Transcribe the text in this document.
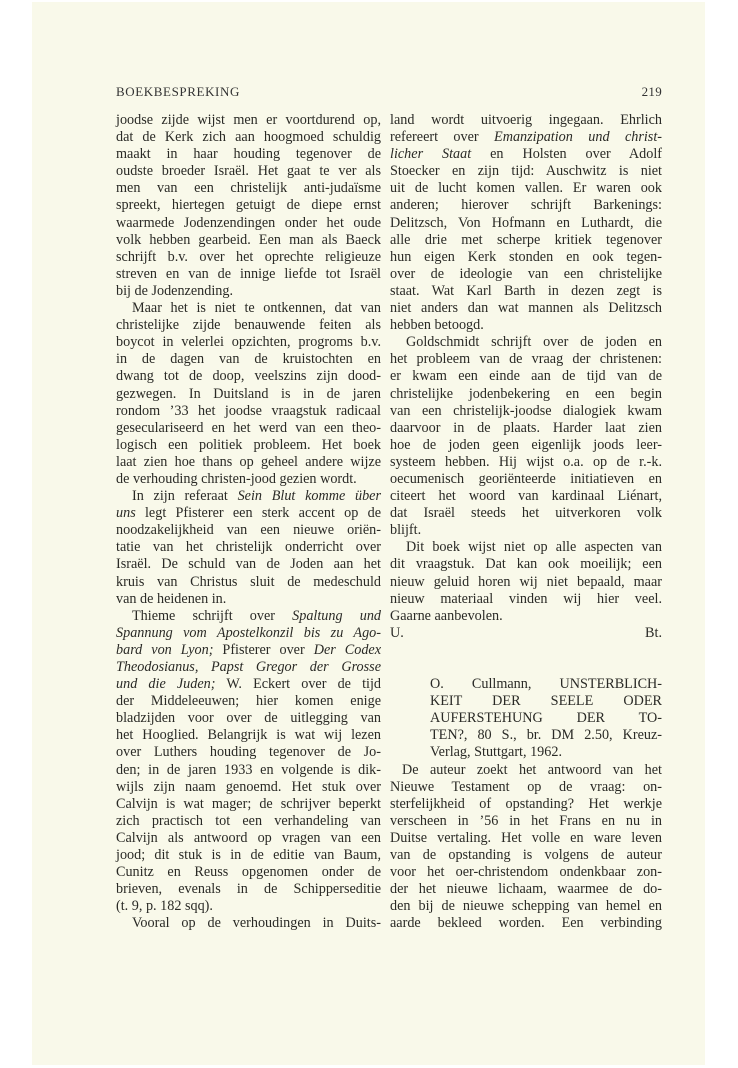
BOEKBESPREKING	219
joodse zijde wijst men er voortdurend op,
dat de Kerk zich aan hoogmoed schuldig
maakt in haar houding tegenover de
oudste broeder Israël. Het gaat te ver als
men van een christelijk anti-judaïsme
spreekt, hiertegen getuigt de diepe ernst
waarmede Jodenzendingen onder het oude
volk hebben gearbeid. Een man als Baeck
schrijft b.v. over het oprechte religieuze
streven en van de innige liefde tot Israël
bij de Jodenzending.
Maar het is niet te ontkennen, dat van
christelijke zijde benauwende feiten als
boycot in velerlei opzichten, progroms b.v.
in de dagen van de kruistochten en
dwang tot de doop, veelszins zijn dood-
gezwegen. In Duitsland is in de jaren
rondom ’33 het joodse vraagstuk radicaal
geseculariseerd en het werd van een theo-
logisch een politiek probleem. Het boek
laat zien hoe thans op geheel andere wijze
de verhouding christen-jood gezien wordt.
In zijn referaat Sein Blut komme über
uns legt Pfisterer een sterk accent op de
noodzakelijkheid van een nieuwe oriën-
tatie van het christelijk onderricht over
Israël. De schuld van de Joden aan het
kruis van Christus sluit de medeschuld
van de heidenen in.
Thieme schrijft over Spaltung und
Spannung vom Apostelkonzil bis zu Ago-
bard von Lyon; Pfisterer over Der Codex
Theodosianus, Papst Gregor der Grosse
und die Juden; W. Eckert over de tijd
der Middeleeuwen; hier komen enige
bladzijden voor over de uitlegging van
het Hooglied. Belangrijk is wat wij lezen
over Luthers houding tegenover de Jo-
den; in de jaren 1933 en volgende is dik-
wijls zijn naam genoemd. Het stuk over
Calvijn is wat mager; de schrijver beperkt
zich practisch tot een verhandeling van
Calvijn als antwoord op vragen van een
jood; dit stuk is in de editie van Baum,
Cunitz en Reuss opgenomen onder de
brieven, evenals in de Schipperseditie
(t. 9, p. 182 sqq).
Vooral op de verhoudingen in Duits-
land wordt uitvoerig ingegaan. Ehrlich
refereert over Emanzipation und christ-
licher Staat en Holsten over Adolf
Stoecker en zijn tijd: Auschwitz is niet
uit de lucht komen vallen. Er waren ook
anderen; hierover schrijft Barkenings:
Delitzsch, Von Hofmann en Luthardt, die
alle drie met scherpe kritiek tegenover
hun eigen Kerk stonden en ook tegen-
over de ideologie van een christelijke
staat. Wat Karl Barth in dezen zegt is
niet anders dan wat mannen als Delitzsch
hebben betoogd.
Goldschmidt schrijft over de joden en
het probleem van de vraag der christenen:
er kwam een einde aan de tijd van de
christelijke jodenbekering en een begin
van een christelijk-joodse dialogiek kwam
daarvoor in de plaats. Harder laat zien
hoe de joden geen eigenlijk joods leer-
systeem hebben. Hij wijst o.a. op de r.-k.
oecumenisch georiënteerde initiatieven en
citeert het woord van kardinaal Liénart,
dat Israël steeds het uitverkoren volk
blijft.
Dit boek wijst niet op alle aspecten van
dit vraagstuk. Dat kan ook moeilijk; een
nieuw geluid horen wij niet bepaald, maar
nieuw materiaal vinden wij hier veel.
Gaarne aanbevolen.
U.	Bt.
O. Cullmann, UNSTERBLICH-
KEIT DER SEELE ODER
AUFERSTEHUNG DER TO-
TEN?, 80 S., br. DM 2.50, Kreuz-
Verlag, Stuttgart, 1962.
De auteur zoekt het antwoord van het
Nieuwe Testament op de vraag: on-
sterfelijkheid of opstanding? Het werkje
verscheen in ’56 in het Frans en nu in
Duitse vertaling. Het volle en ware leven
van de opstanding is volgens de auteur
voor het oer-christendom ondenkbaar zon-
der het nieuwe lichaam, waarmee de do-
den bij de nieuwe schepping van hemel en
aarde bekleed worden. Een verbinding
